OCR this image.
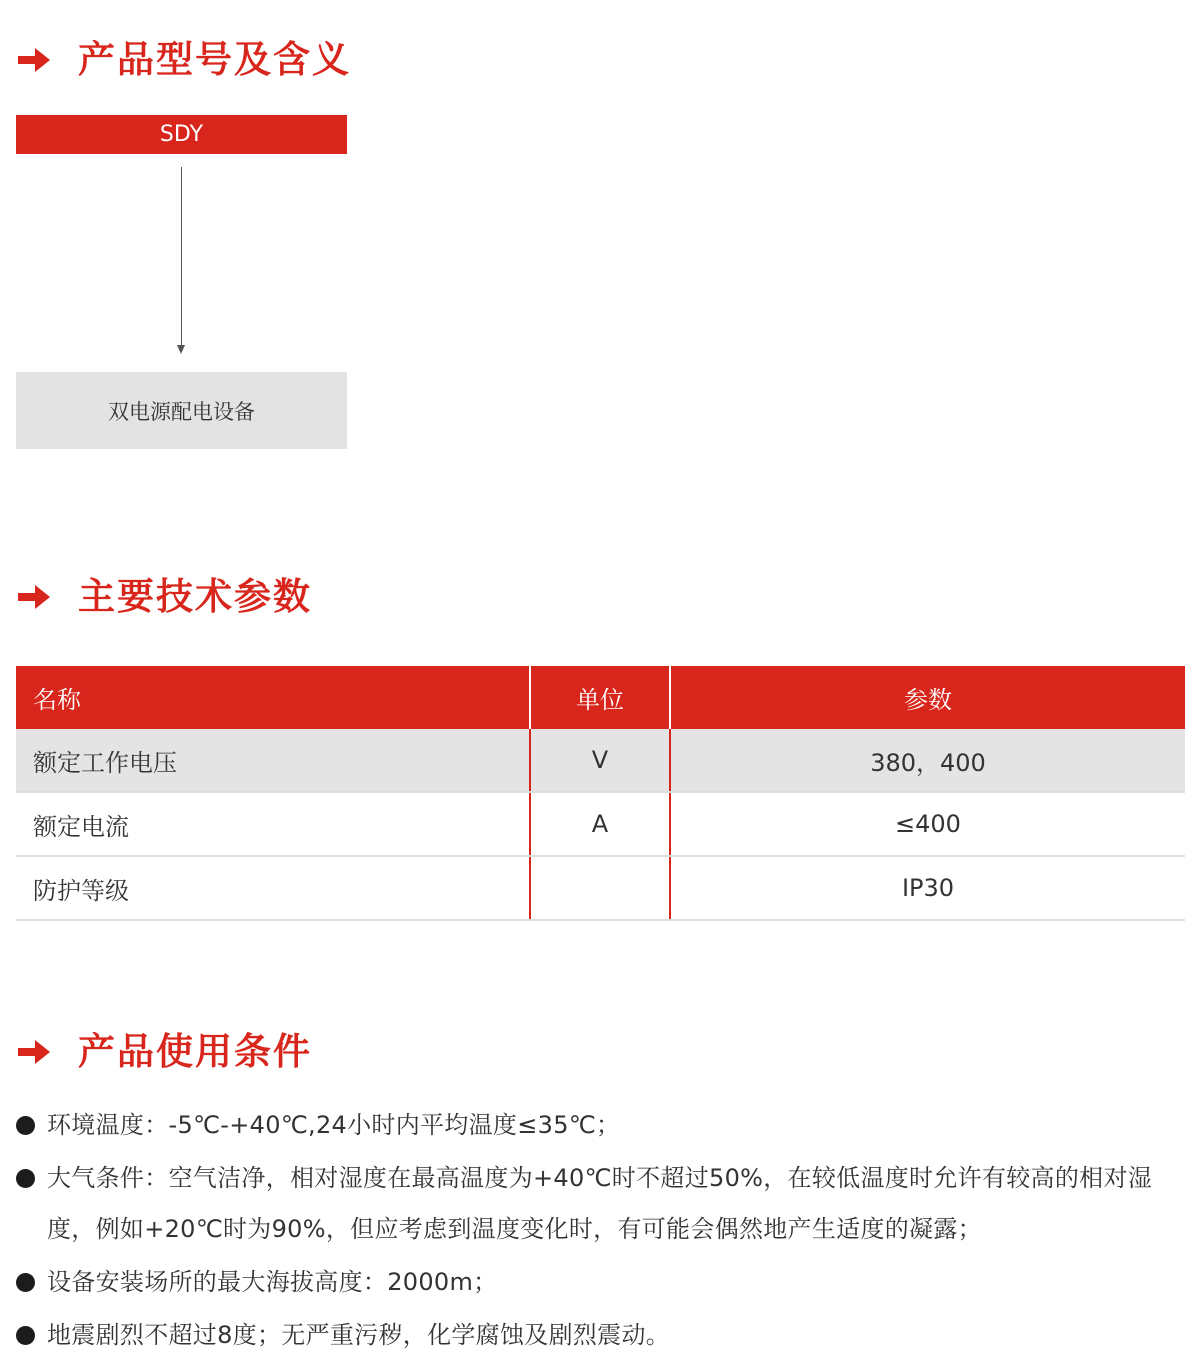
产品型号及含义
SDY
双电源配电设备
主要技术参数
名称	单位	参数
额定工作电压	V	380，400
额定电流	A	≤400
防护等级		IP30
产品使用条件
环境温度：-5℃-+40℃,24小时内平均温度≤35℃；
大气条件：空气洁净，相对湿度在最高温度为+40℃时不超过50%，在较低温度时允许有较高的相对湿度，例如+20℃时为90%，但应考虑到温度变化时，有可能会偶然地产生适度的凝露；
设备安装场所的最大海拔高度：2000m；
地震剧烈不超过8度；无严重污秽，化学腐蚀及剧烈震动。
